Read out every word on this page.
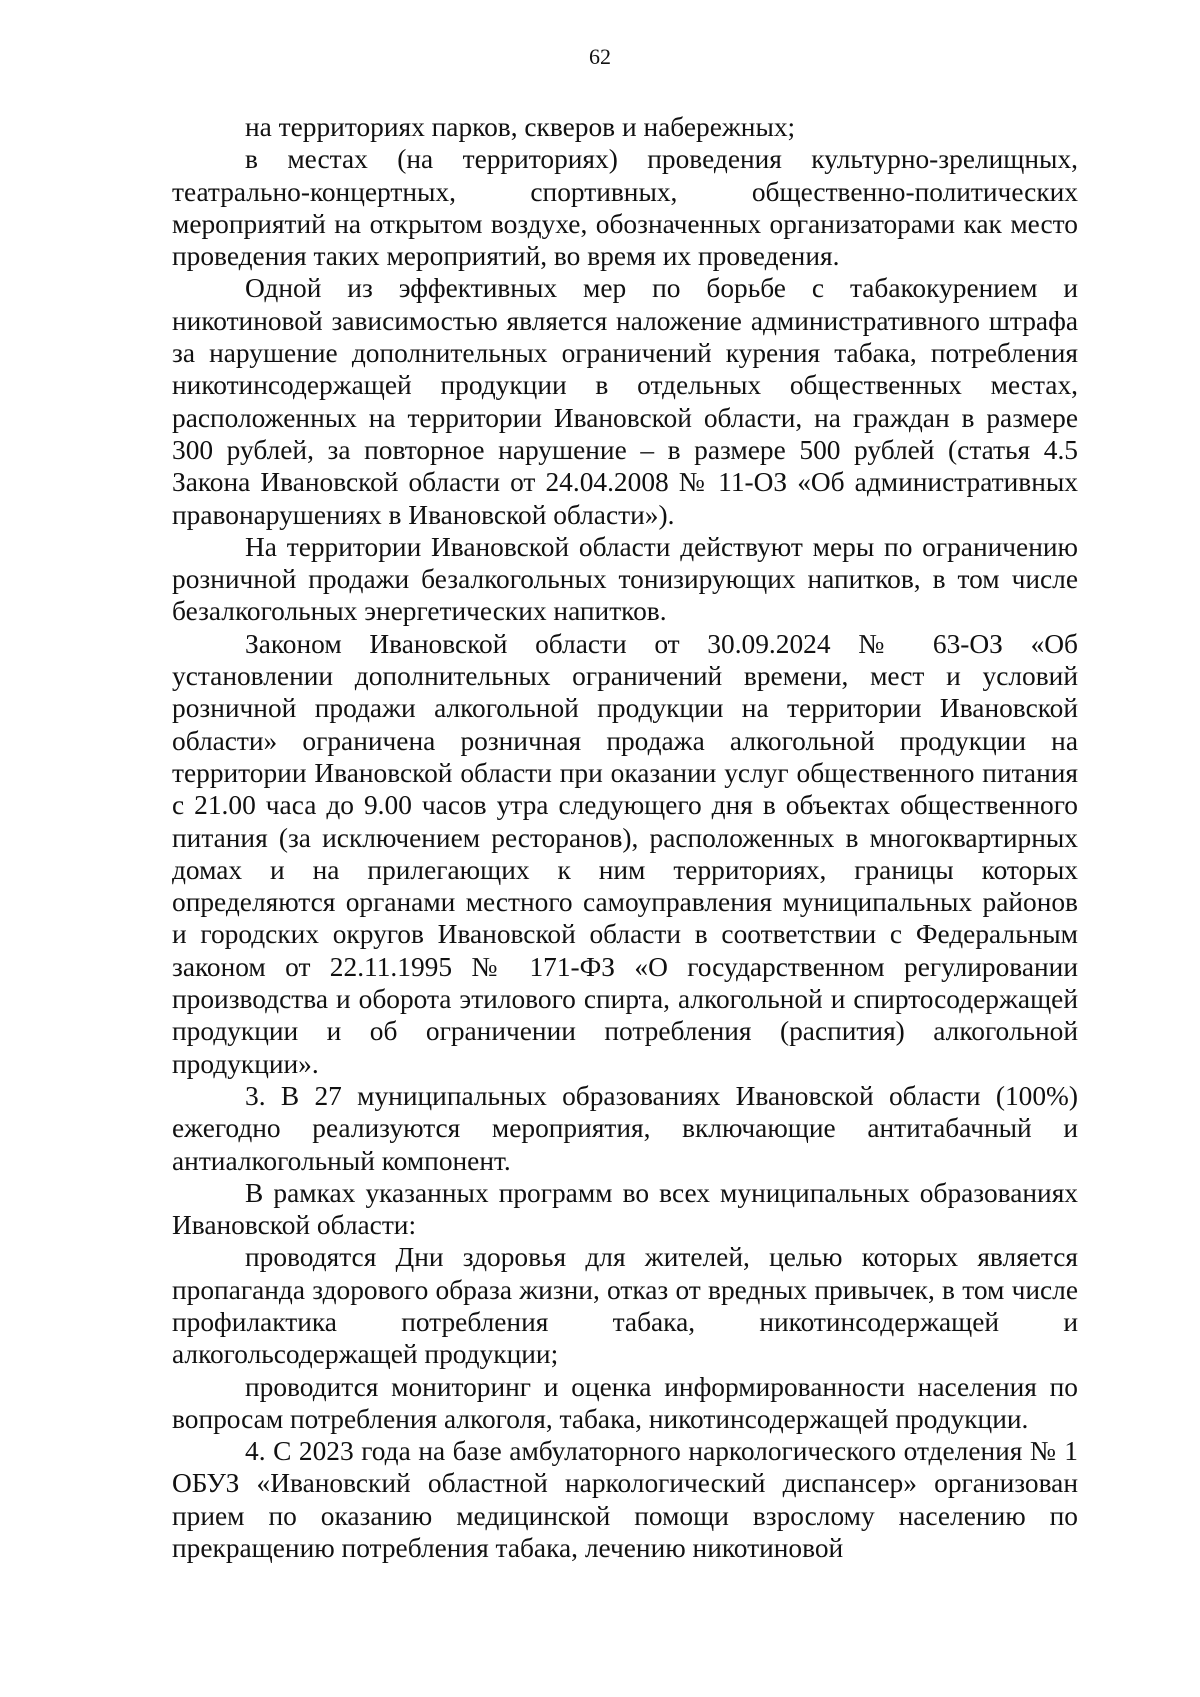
62

на территориях парков, скверов и набережных;

в местах (на территориях) проведения культурно-зрелищных, театрально-концертных, спортивных, общественно-политических мероприятий на открытом воздухе, обозначенных организаторами как место проведения таких мероприятий, во время их проведения.

Одной из эффективных мер по борьбе с табакокурением и никотиновой зависимостью является наложение административного штрафа за нарушение дополнительных ограничений курения табака, потребления никотинсодержащей продукции в отдельных общественных местах, расположенных на территории Ивановской области, на граждан в размере 300 рублей, за повторное нарушение – в размере 500 рублей (статья 4.5 Закона Ивановской области от 24.04.2008 № 11-ОЗ «Об административных правонарушениях в Ивановской области»).

На территории Ивановской области действуют меры по ограничению розничной продажи безалкогольных тонизирующих напитков, в том числе безалкогольных энергетических напитков.

Законом Ивановской области от 30.09.2024 № 63-ОЗ «Об установлении дополнительных ограничений времени, мест и условий розничной продажи алкогольной продукции на территории Ивановской области» ограничена розничная продажа алкогольной продукции на территории Ивановской области при оказании услуг общественного питания с 21.00 часа до 9.00 часов утра следующего дня в объектах общественного питания (за исключением ресторанов), расположенных в многоквартирных домах и на прилегающих к ним территориях, границы которых определяются органами местного самоуправления муниципальных районов и городских округов Ивановской области в соответствии с Федеральным законом от 22.11.1995 № 171-ФЗ «О государственном регулировании производства и оборота этилового спирта, алкогольной и спиртосодержащей продукции и об ограничении потребления (распития) алкогольной продукции».

3. В 27 муниципальных образованиях Ивановской области (100%) ежегодно реализуются мероприятия, включающие антитабачный и антиалкогольный компонент.

В рамках указанных программ во всех муниципальных образованиях Ивановской области:

проводятся Дни здоровья для жителей, целью которых является пропаганда здорового образа жизни, отказ от вредных привычек, в том числе профилактика потребления табака, никотинсодержащей и алкогольсодержащей продукции;

проводится мониторинг и оценка информированности населения по вопросам потребления алкоголя, табака, никотинсодержащей продукции.

4. С 2023 года на базе амбулаторного наркологического отделения № 1 ОБУЗ «Ивановский областной наркологический диспансер» организован прием по оказанию медицинской помощи взрослому населению по прекращению потребления табака, лечению никотиновой
